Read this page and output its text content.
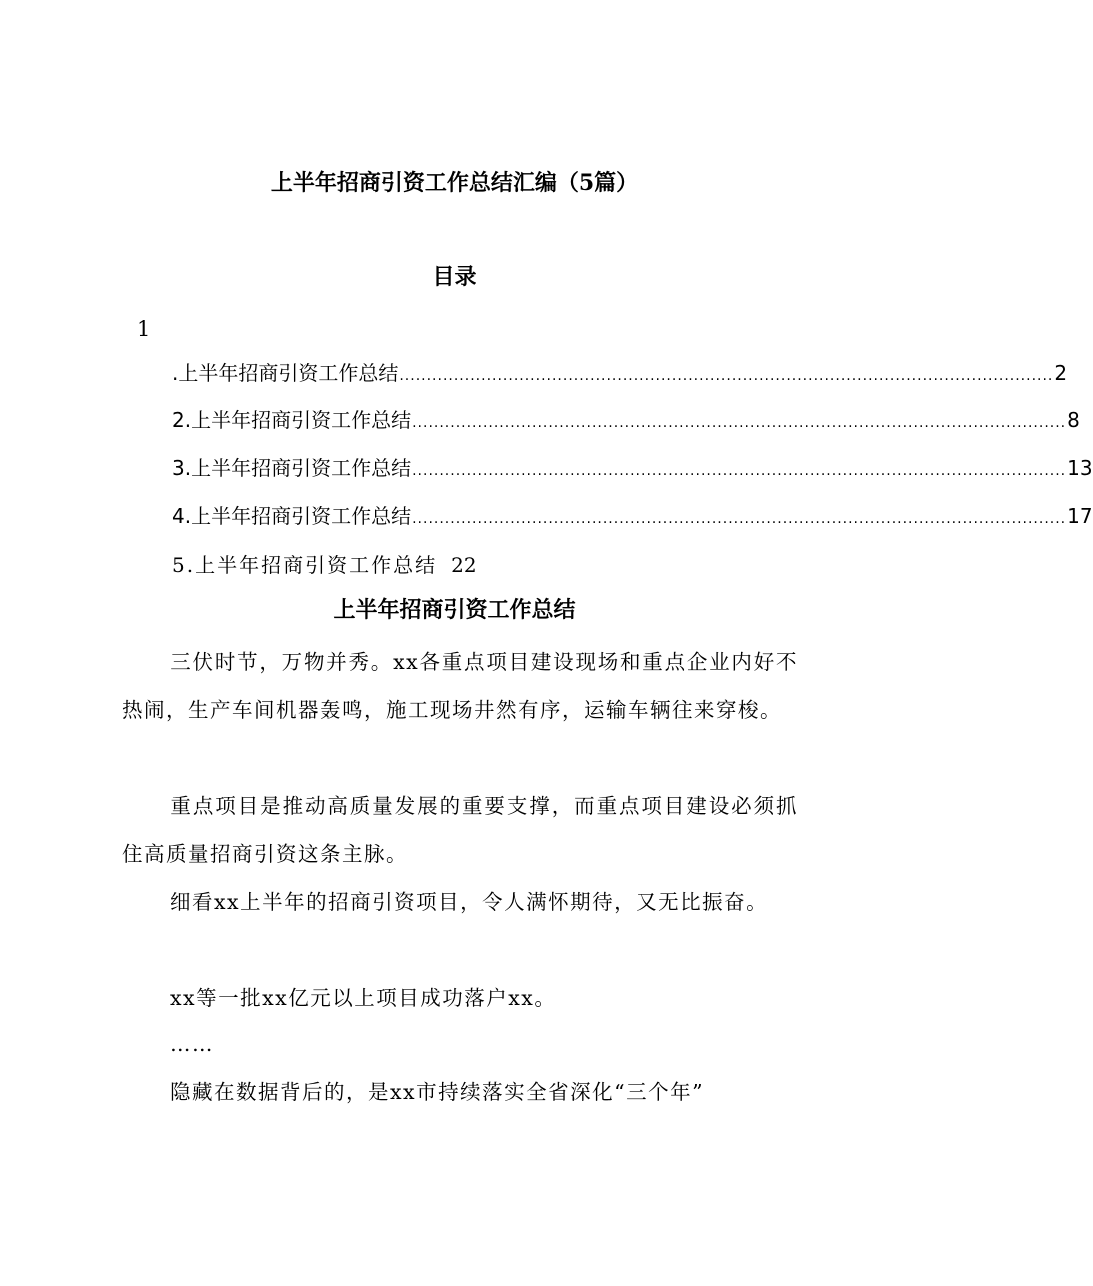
上半年招商引资工作总结汇编（5篇）
目录
1
.上半年招商引资工作总结 ........................................................................................................................ 2
2.上半年招商引资工作总结 ........................................................................................................................ 8
3.上半年招商引资工作总结 ........................................................................................................................ 13
4.上半年招商引资工作总结 ........................................................................................................................ 17
5.上半年招商引资工作总结 22
上半年招商引资工作总结
三伏时节，万物并秀。xx各重点项目建设现场和重点企业内好不热闹，生产车间机器轰鸣，施工现场井然有序，运输车辆往来穿梭。
重点项目是推动高质量发展的重要支撑，而重点项目建设必须抓住高质量招商引资这条主脉。
细看xx上半年的招商引资项目，令人满怀期待，又无比振奋。
xx等一批xx亿元以上项目成功落户xx。
……
隐藏在数据背后的，是xx市持续落实全省深化“三个年”
